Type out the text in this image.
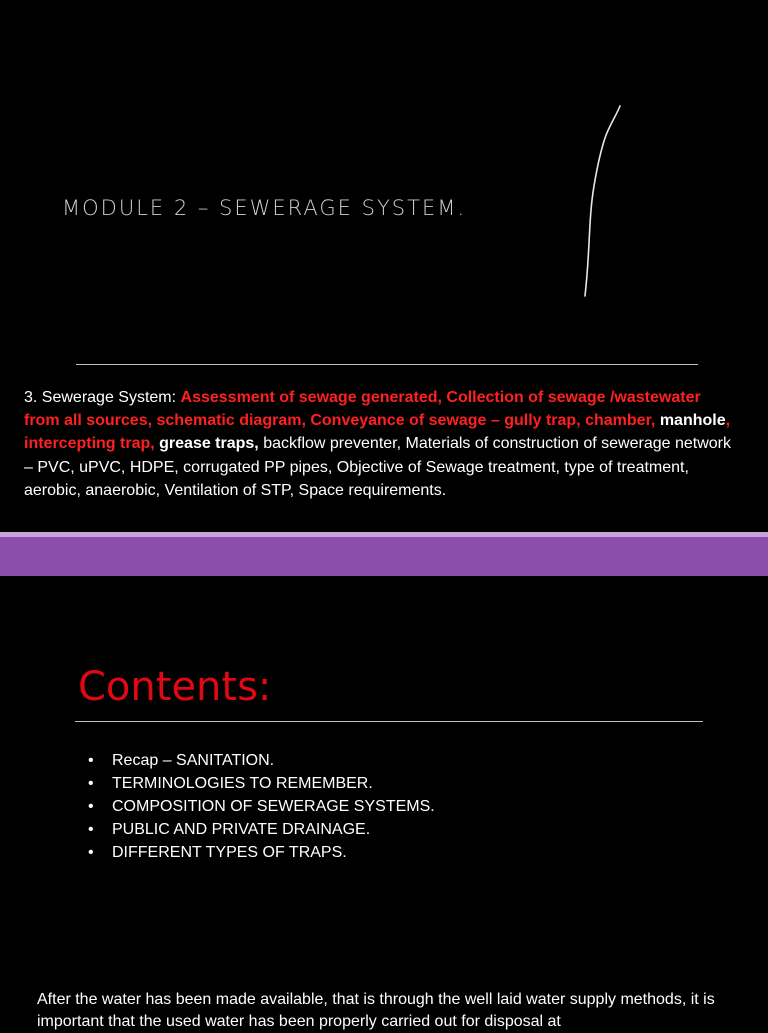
MODULE 2 – SEWERAGE SYSTEM.
3. Sewerage System: Assessment of sewage generated, Collection of sewage /wastewater from all sources, schematic diagram, Conveyance of sewage – gully trap, chamber, manhole, intercepting trap, grease traps, backflow preventer, Materials of construction of sewerage network – PVC, uPVC, HDPE, corrugated PP pipes, Objective of Sewage treatment, type of treatment, aerobic, anaerobic, Ventilation of STP, Space requirements.
Contents:
• Recap – SANITATION.
• TERMINOLOGIES TO REMEMBER.
• COMPOSITION OF SEWERAGE SYSTEMS.
• PUBLIC AND PRIVATE DRAINAGE.
• DIFFERENT TYPES OF TRAPS.
After the water has been made available, that is through the well laid water supply methods, it is important that the used water has been properly carried out for disposal at
